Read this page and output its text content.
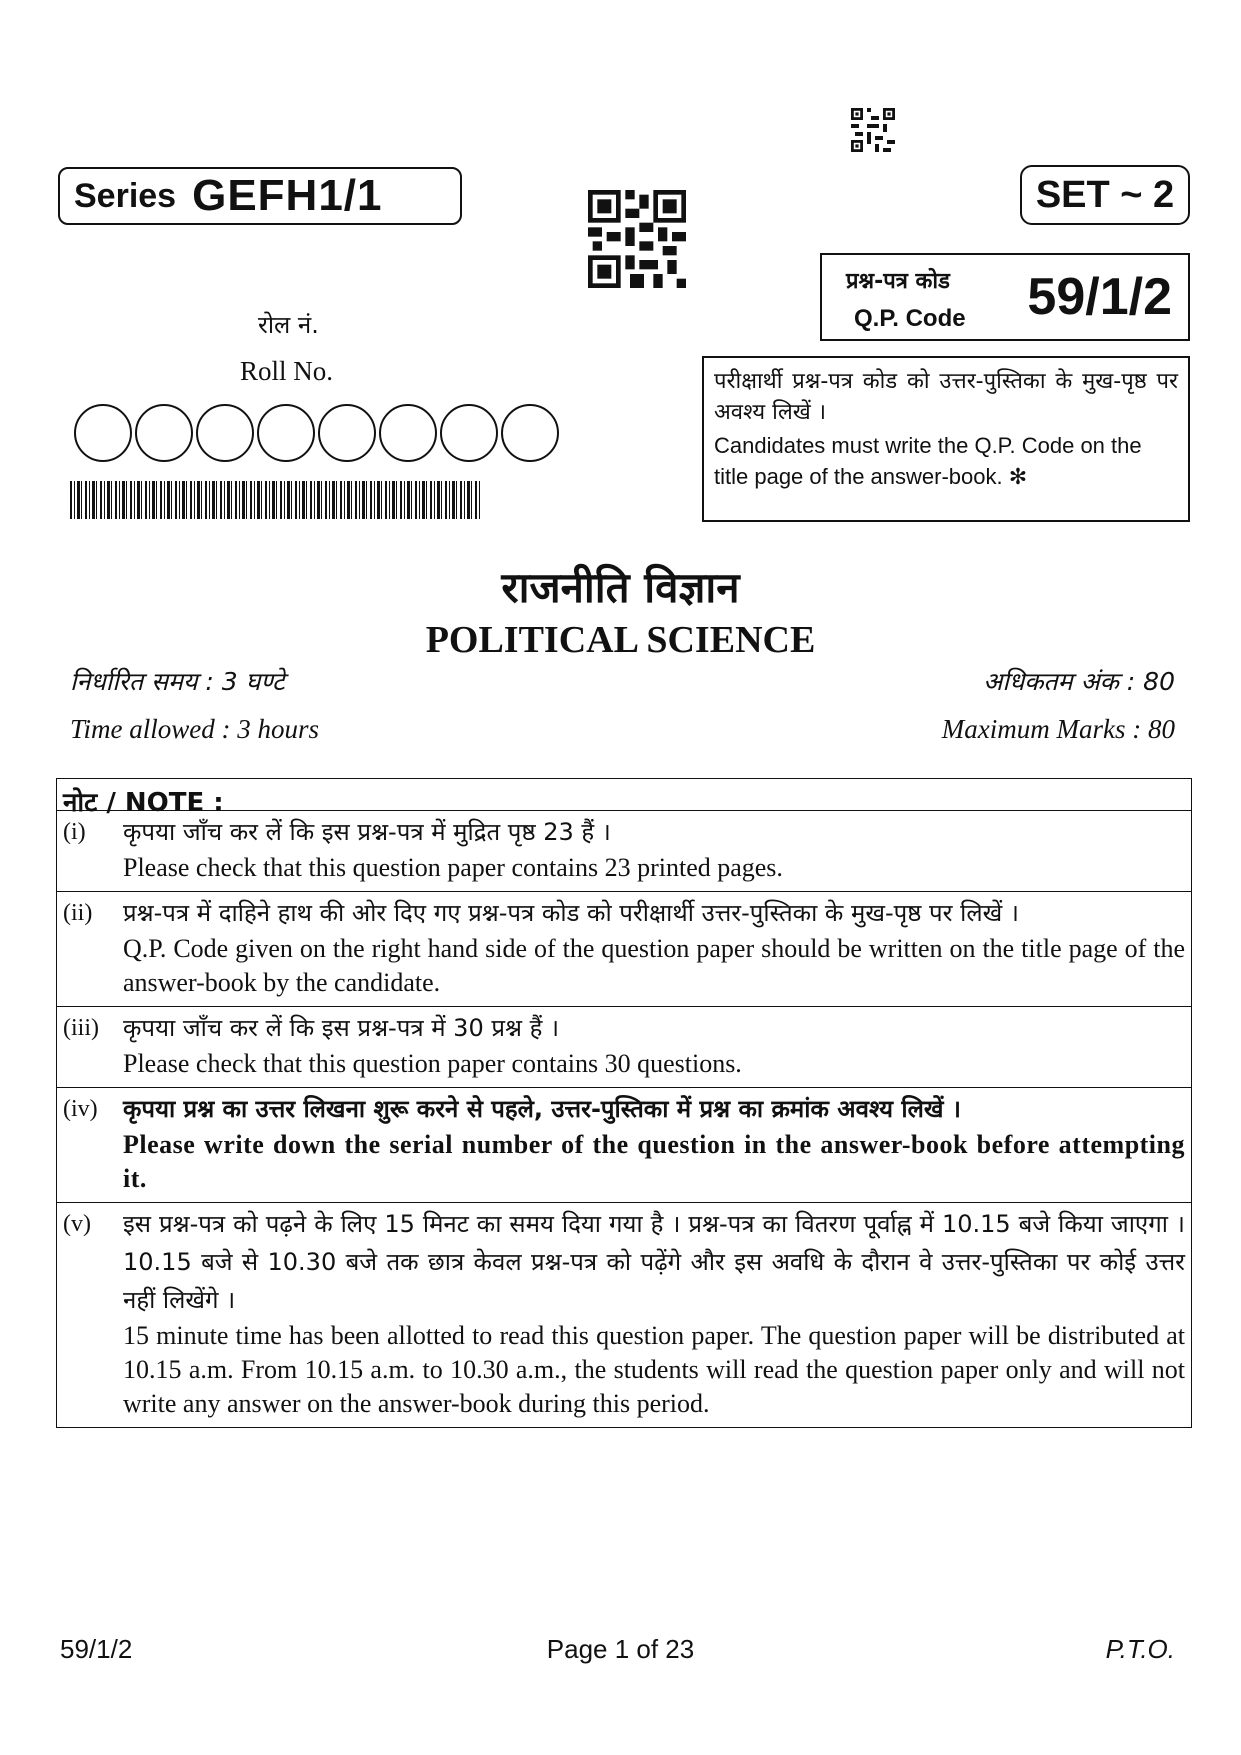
Series GEFH1/1	SET ~ 2
प्रश्न-पत्र कोड
Q.P. Code 59/1/2
रोल नं.
Roll No.	परीक्षार्थी प्रश्न-पत्र कोड को उत्तर-पुस्तिका के मुख-पृष्ठ पर अवश्य लिखें ।

Candidates must write the Q.P. Code on the title page of the answer-book. ✻

राजनीति विज्ञान
POLITICAL SCIENCE
निर्धारित समय : 3 घण्टे	अधिकतम अंक : 80
Time allowed : 3 hours	Maximum Marks : 80
नोट / NOTE :
(i)	कृपया जाँच कर लें कि इस प्रश्न-पत्र में मुद्रित पृष्ठ 23 हैं ।

Please check that this question paper contains 23 printed pages.

(ii)	प्रश्न-पत्र में दाहिने हाथ की ओर दिए गए प्रश्न-पत्र कोड को परीक्षार्थी उत्तर-पुस्तिका के मुख-पृष्ठ पर लिखें ।

Q.P. Code given on the right hand side of the question paper should be written on the title page of the answer-book by the candidate.

(iii)	कृपया जाँच कर लें कि इस प्रश्न-पत्र में 30 प्रश्न हैं ।

Please check that this question paper contains 30 questions.

(iv)	कृपया प्रश्न का उत्तर लिखना शुरू करने से पहले, उत्तर-पुस्तिका में प्रश्न का क्रमांक अवश्य लिखें ।

Please write down the serial number of the question in the answer-book before attempting it.

(v)	इस प्रश्न-पत्र को पढ़ने के लिए 15 मिनट का समय दिया गया है । प्रश्न-पत्र का वितरण पूर्वाह्न में 10.15 बजे किया जाएगा । 10.15 बजे से 10.30 बजे तक छात्र केवल प्रश्न-पत्र को पढ़ेंगे और इस अवधि के दौरान वे उत्तर-पुस्तिका पर कोई उत्तर नहीं लिखेंगे ।

15 minute time has been allotted to read this question paper. The question paper will be distributed at 10.15 a.m. From 10.15 a.m. to 10.30 a.m., the students will read the question paper only and will not write any answer on the answer-book during this period.

59/1/2	Page 1 of 23	P.T.O.
